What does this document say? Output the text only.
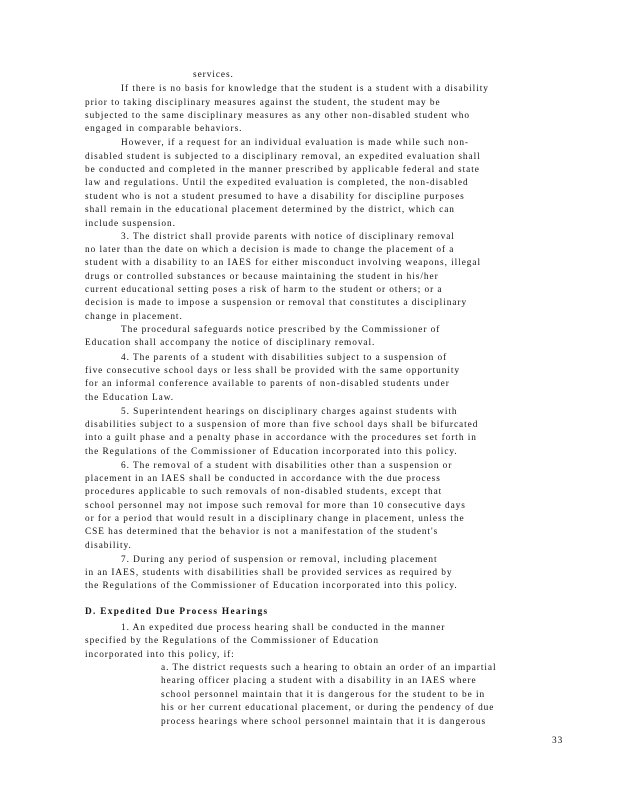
services.
If there is no basis for knowledge that the student is a student with a disability
prior to taking disciplinary measures against the student, the student may be
subjected to the same disciplinary measures as any other non-disabled student who
engaged in comparable behaviors.
However, if a request for an individual evaluation is made while such non-
disabled student is subjected to a disciplinary removal, an expedited evaluation shall
be conducted and completed in the manner prescribed by applicable federal and state
law and regulations. Until the expedited evaluation is completed, the non-disabled
student who is not a student presumed to have a disability for discipline purposes
shall remain in the educational placement determined by the district, which can
include suspension.
3. The district shall provide parents with notice of disciplinary removal
no later than the date on which a decision is made to change the placement of a
student with a disability to an IAES for either misconduct involving weapons, illegal
drugs or controlled substances or because maintaining the student in his/her
current educational setting poses a risk of harm to the student or others; or a
decision is made to impose a suspension or removal that constitutes a disciplinary
change in placement.
The procedural safeguards notice prescribed by the Commissioner of
Education shall accompany the notice of disciplinary removal.
4. The parents of a student with disabilities subject to a suspension of
five consecutive school days or less shall be provided with the same opportunity
for an informal conference available to parents of non-disabled students under
the Education Law.
5. Superintendent hearings on disciplinary charges against students with
disabilities subject to a suspension of more than five school days shall be bifurcated
into a guilt phase and a penalty phase in accordance with the procedures set forth in
the Regulations of the Commissioner of Education incorporated into this policy.
6. The removal of a student with disabilities other than a suspension or
placement in an IAES shall be conducted in accordance with the due process
procedures applicable to such removals of non-disabled students, except that
school personnel may not impose such removal for more than 10 consecutive days
or for a period that would result in a disciplinary change in placement, unless the
CSE has determined that the behavior is not a manifestation of the student's
disability.
7. During any period of suspension or removal, including placement
in an IAES, students with disabilities shall be provided services as required by
the Regulations of the Commissioner of Education incorporated into this policy.
D. Expedited Due Process Hearings
1. An expedited due process hearing shall be conducted in the manner
specified by the Regulations of the Commissioner of Education
incorporated into this policy, if:
a. The district requests such a hearing to obtain an order of an impartial
hearing officer placing a student with a disability in an IAES where
school personnel maintain that it is dangerous for the student to be in
his or her current educational placement, or during the pendency of due
process hearings where school personnel maintain that it is dangerous
33
